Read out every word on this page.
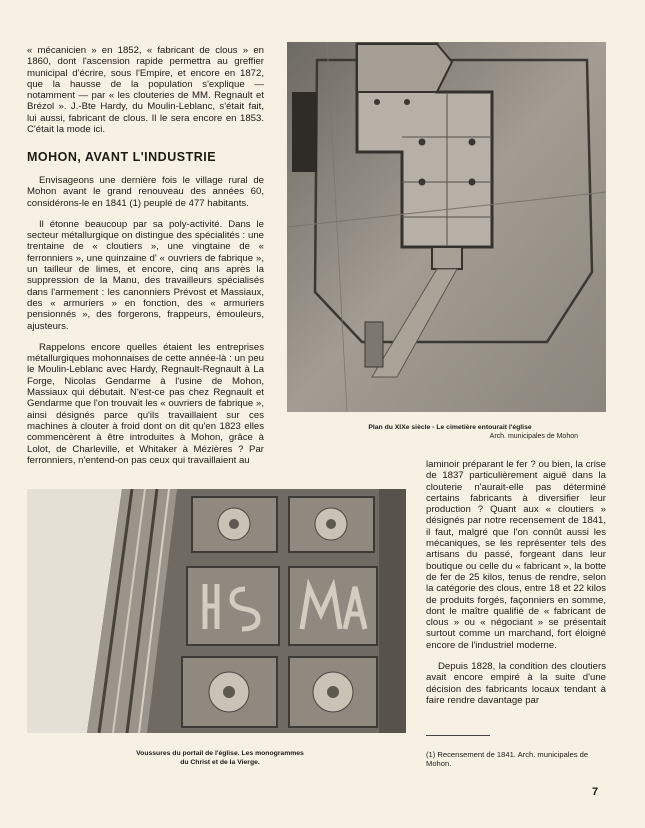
« mécanicien » en 1852, « fabricant de clous » en 1860, dont l'ascension rapide permettra au greffier municipal d'écrire, sous l'Empire, et encore en 1872, que la hausse de la population s'explique — notamment — par « les clouteries de MM. Regnault et Brézol ». J.-Bte Hardy, du Moulin-Leblanc, s'était fait, lui aussi, fabricant de clous. Il le sera encore en 1853. C'était la mode ici.

MOHON, AVANT L'INDUSTRIE

Envisageons une dernière fois le village rural de Mohon avant le grand renouveau des années 60, considérons-le en 1841 (1) peuplé de 477 habitants.

Il étonne beaucoup par sa poly-activité. Dans le secteur métallurgique on distingue des spécialités : une trentaine de « cloutiers », une vingtaine de « ferronniers », une quinzaine d' « ouvriers de fabrique », un tailleur de limes, et encore, cinq ans après la suppression de la Manu, des travailleurs spécialisés dans l'armement : les canonniers Prévost et Massiaux, des « armuriers » en fonction, des « armuriers pensionnés », des forgerons, frappeurs, émouleurs, ajusteurs.

Rappelons encore quelles étaient les entreprises métallurgiques mohonnaises de cette année-là : un peu le Moulin-Leblanc avec Hardy, Regnault-Regnault à La Forge, Nicolas Gendarme à l'usine de Mohon, Massiaux qui débutait. N'est-ce pas chez Regnault et Gendarme que l'on trouvait les « ouvriers de fabrique », ainsi désignés parce qu'ils travaillaient sur ces machines à clouter à froid dont on dit qu'en 1823 elles commencèrent à être introduites à Mohon, grâce à Lolot, de Charleville, et Whitaker à Mézières ? Par ferronniers, n'entend-on pas ceux qui travaillaient au

Plan du XIXe siècle - Le cimetière entourait l'église
Arch. municipales de Mohon

laminoir préparant le fer ? ou bien, la crise de 1837 particulièrement aiguë dans la clouterie n'aurait-elle pas déterminé certains fabricants à diversifier leur production ? Quant aux « cloutiers » désignés par notre recensement de 1841, il faut, malgré que l'on connût aussi les mécaniques, se les représenter tels des artisans du passé, forgeant dans leur boutique ou celle du « fabricant », la botte de fer de 25 kilos, tenus de rendre, selon la catégorie des clous, entre 18 et 22 kilos de produits forgés, façonniers en somme, dont le maître qualifié de « fabricant de clous » ou « négociant » se présentait surtout comme un marchand, fort éloigné encore de l'industriel moderne.

Depuis 1828, la condition des cloutiers avait encore empiré à la suite d'une décision des fabricants locaux tendant à faire rendre davantage par

Voussures du portail de l'église. Les monogrammes
du Christ et de la Vierge.

(1) Recensement de 1841. Arch. municipales de Mohon.

7
